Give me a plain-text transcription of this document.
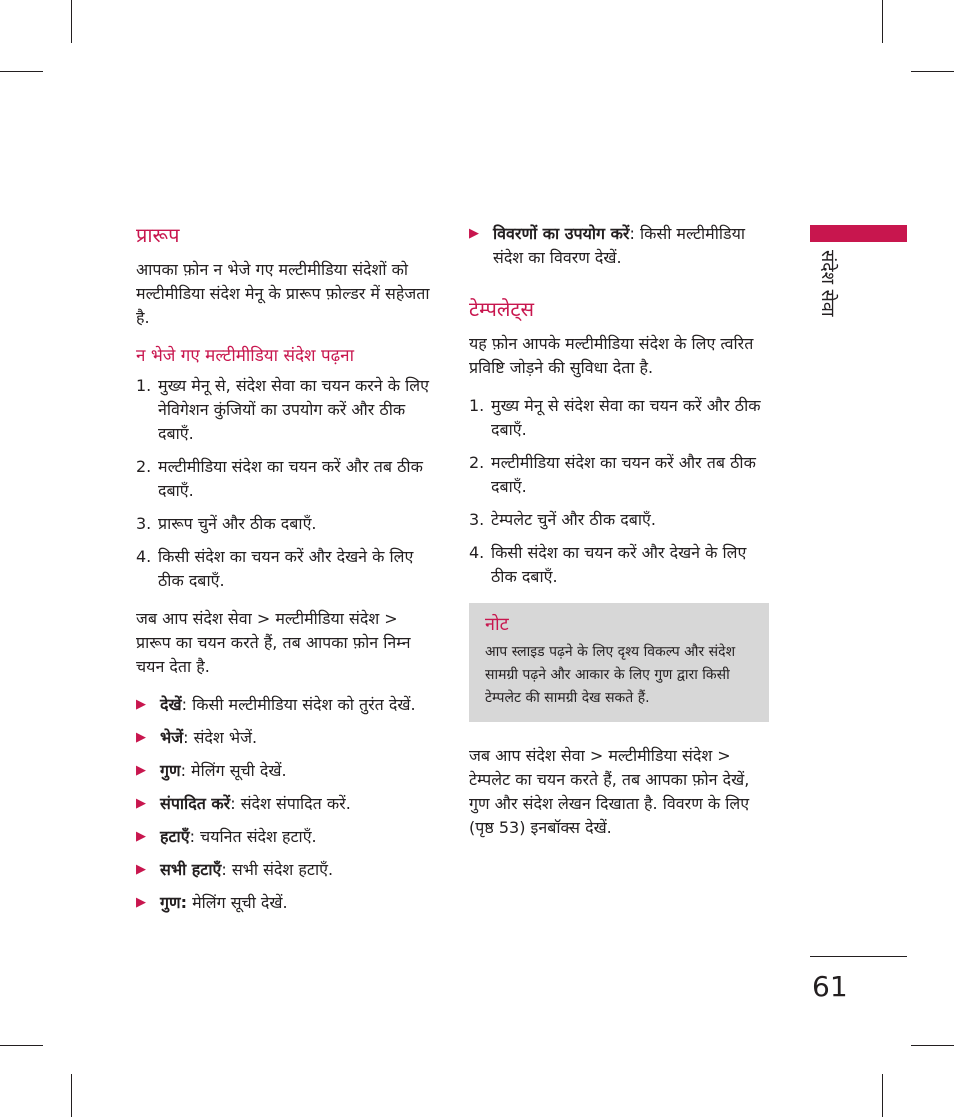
प्रारूप
आपका फ़ोन न भेजे गए मल्टीमीडिया संदेशों को मल्टीमीडिया संदेश मेनू के प्रारूप फ़ोल्डर में सहेजता है.
न भेजे गए मल्टीमीडिया संदेश पढ़ना
1. मुख्य मेनू से, संदेश सेवा का चयन करने के लिए नेविगेशन कुंजियों का उपयोग करें और ठीक दबाएँ.
2. मल्टीमीडिया संदेश का चयन करें और तब ठीक दबाएँ.
3. प्रारूप चुनें और ठीक दबाएँ.
4. किसी संदेश का चयन करें और देखने के लिए ठीक दबाएँ.
जब आप संदेश सेवा > मल्टीमीडिया संदेश > प्रारूप का चयन करते हैं, तब आपका फ़ोन निम्न चयन देता है.
▶ देखें: किसी मल्टीमीडिया संदेश को तुरंत देखें.
▶ भेजें: संदेश भेजें.
▶ गुण: मेलिंग सूची देखें.
▶ संपादित करें: संदेश संपादित करें.
▶ हटाएँ: चयनित संदेश हटाएँ.
▶ सभी हटाएँ: सभी संदेश हटाएँ.
▶ गुण: मेलिंग सूची देखें.
▶ विवरणों का उपयोग करें: किसी मल्टीमीडिया संदेश का विवरण देखें.
टेम्पलेट्स
यह फ़ोन आपके मल्टीमीडिया संदेश के लिए त्वरित प्रविष्टि जोड़ने की सुविधा देता है.
1. मुख्य मेनू से संदेश सेवा का चयन करें और ठीक दबाएँ.
2. मल्टीमीडिया संदेश का चयन करें और तब ठीक दबाएँ.
3. टेम्पलेट चुनें और ठीक दबाएँ.
4. किसी संदेश का चयन करें और देखने के लिए ठीक दबाएँ.
नोट
आप स्लाइड पढ़ने के लिए दृश्य विकल्प और संदेश सामग्री पढ़ने और आकार के लिए गुण द्वारा किसी टेम्पलेट की सामग्री देख सकते हैं.
जब आप संदेश सेवा > मल्टीमीडिया संदेश > टेम्पलेट का चयन करते हैं, तब आपका फ़ोन देखें, गुण और संदेश लेखन दिखाता है. विवरण के लिए (पृष्ठ 53) इनबॉक्स देखें.
संदेश सेवा
61
